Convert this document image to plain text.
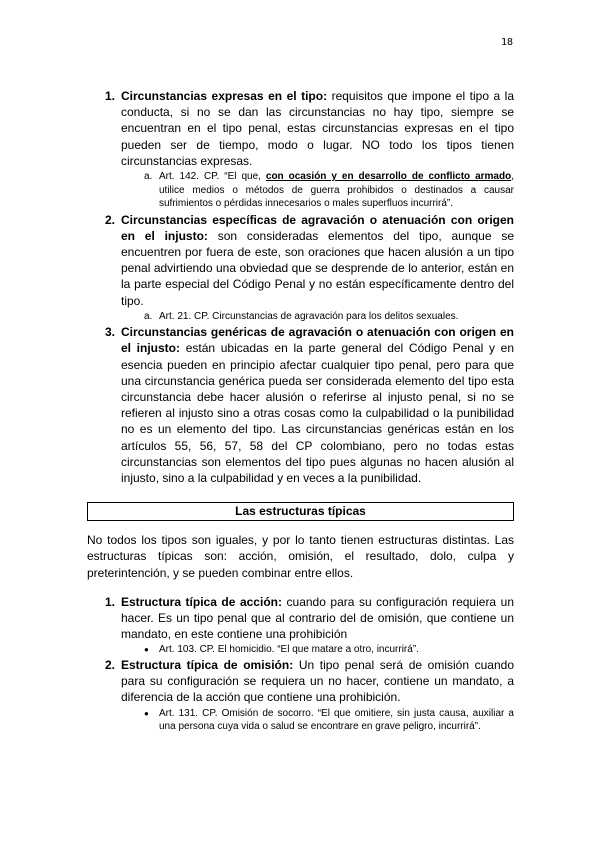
18
1. Circunstancias expresas en el tipo: requisitos que impone el tipo a la conducta, si no se dan las circunstancias no hay tipo, siempre se encuentran en el tipo penal, estas circunstancias expresas en el tipo pueden ser de tiempo, modo o lugar. NO todo los tipos tienen circunstancias expresas.
a. Art. 142. CP. “El que, con ocasión y en desarrollo de conflicto armado, utilice medios o métodos de guerra prohibidos o destinados a causar sufrimientos o pérdidas innecesarios o males superfluos incurrirá”.
2. Circunstancias específicas de agravación o atenuación con origen en el injusto: son consideradas elementos del tipo, aunque se encuentren por fuera de este, son oraciones que hacen alusión a un tipo penal advirtiendo una obviedad que se desprende de lo anterior, están en la parte especial del Código Penal y no están específicamente dentro del tipo.
a. Art. 21. CP. Circunstancias de agravación para los delitos sexuales.
3. Circunstancias genéricas de agravación o atenuación con origen en el injusto: están ubicadas en la parte general del Código Penal y en esencia pueden en principio afectar cualquier tipo penal, pero para que una circunstancia genérica pueda ser considerada elemento del tipo esta circunstancia debe hacer alusión o referirse al injusto penal, si no se refieren al injusto sino a otras cosas como la culpabilidad o la punibilidad no es un elemento del tipo. Las circunstancias genéricas están en los artículos 55, 56, 57, 58 del CP colombiano, pero no todas estas circunstancias son elementos del tipo pues algunas no hacen alusión al injusto, sino a la culpabilidad y en veces a la punibilidad.
Las estructuras típicas
No todos los tipos son iguales, y por lo tanto tienen estructuras distintas. Las estructuras típicas son: acción, omisión, el resultado, dolo, culpa y preterintención, y se pueden combinar entre ellos.
1. Estructura típica de acción: cuando para su configuración requiera un hacer. Es un tipo penal que al contrario del de omisión, que contiene un mandato, en este contiene una prohibición
● Art. 103. CP. El homicidio. “El que matare a otro, incurrirá”.
2. Estructura típica de omisión: Un tipo penal será de omisión cuando para su configuración se requiera un no hacer, contiene un mandato, a diferencia de la acción que contiene una prohibición.
● Art. 131. CP. Omisión de socorro. “El que omitiere, sin justa causa, auxiliar a una persona cuya vida o salud se encontrare en grave peligro, incurrirá”.
